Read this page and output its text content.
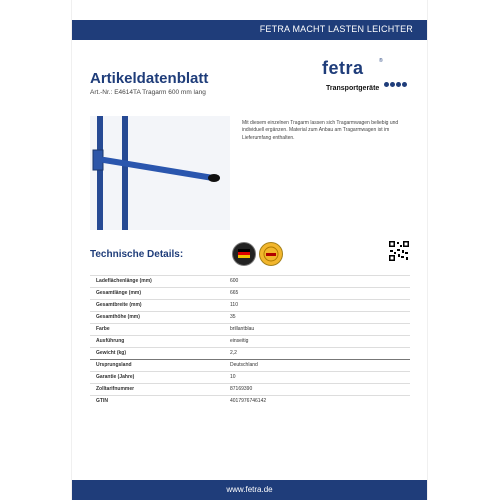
FETRA MACHT LASTEN LEICHTER
Artikeldatenblatt
Art.-Nr.: E4614TA Tragarm 600 mm lang
fetra	®
Transportgeräte
Mit diesem einzelnen Tragarm lassen sich Tragarmwagen beliebig und individuell ergänzen. Material zum Anbau am Tragarmwagen ist im Lieferumfang enthalten.
Technische Details:
Ladeflächenlänge (mm)	600
Gesamtlänge (mm)	665
Gesamtbreite (mm)	110
Gesamthöhe (mm)	35
Farbe	brillantblau
Ausführung	einseitig
Gewicht (kg)	2,2
Ursprungsland	Deutschland
Garantie (Jahre)	10
Zolltarifnummer	87169390
GTIN	4017976746142
www.fetra.de
